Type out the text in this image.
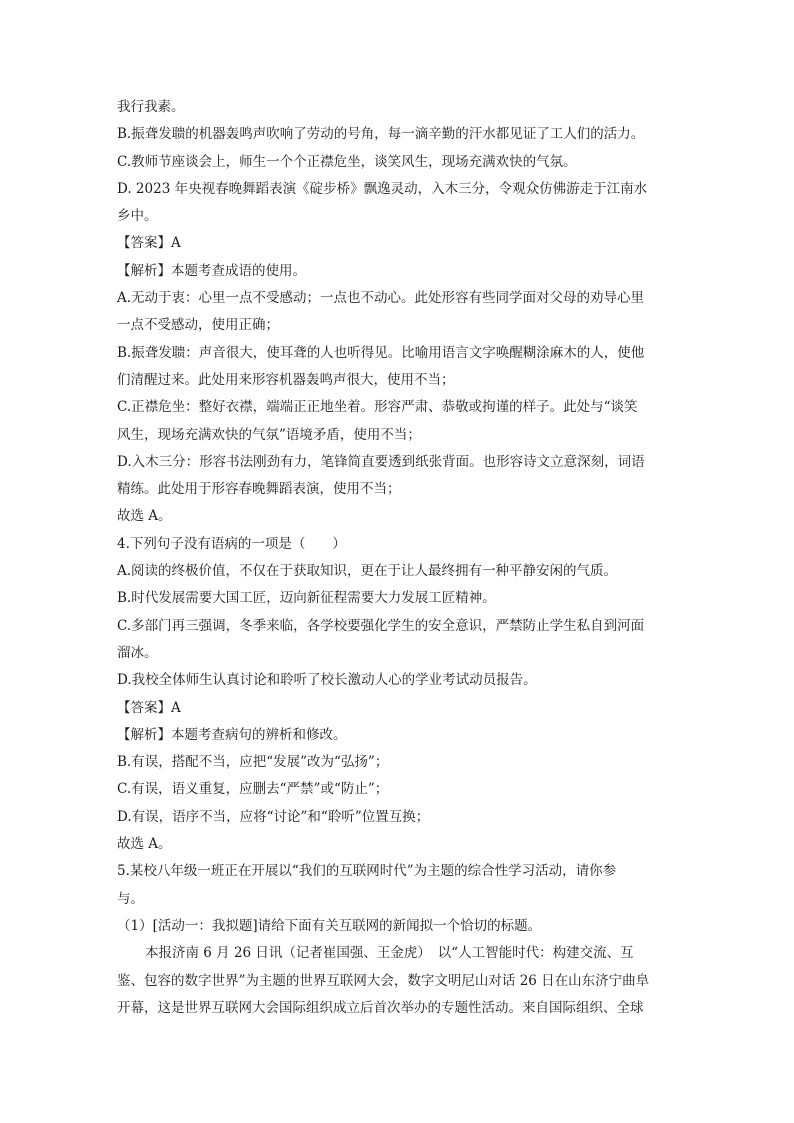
我行我素。
B.振聋发聩的机器轰鸣声吹响了劳动的号角，每一滴辛勤的汗水都见证了工人们的活力。
C.教师节座谈会上，师生一个个正襟危坐，谈笑风生，现场充满欢快的气氛。
D. 2023 年央视春晚舞蹈表演《碇步桥》飘逸灵动，入木三分，令观众仿佛游走于江南水
乡中。
【答案】A
【解析】本题考查成语的使用。
A.无动于衷：心里一点不受感动；一点也不动心。此处形容有些同学面对父母的劝导心里
一点不受感动，使用正确；
B.振聋发聩：声音很大，使耳聋的人也听得见。比喻用语言文字唤醒糊涂麻木的人，使他
们清醒过来。此处用来形容机器轰鸣声很大，使用不当；
C.正襟危坐：整好衣襟，端端正正地坐着。形容严肃、恭敬或拘谨的样子。此处与“谈笑
风生，现场充满欢快的气氛”语境矛盾，使用不当；
D.入木三分：形容书法刚劲有力，笔锋简直要透到纸张背面。也形容诗文立意深刻，词语
精练。此处用于形容春晚舞蹈表演，使用不当；
故选 A。
4.下列句子没有语病的一项是（　　）
A.阅读的终极价值，不仅在于获取知识，更在于让人最终拥有一种平静安闲的气质。
B.时代发展需要大国工匠，迈向新征程需要大力发展工匠精神。
C.多部门再三强调，冬季来临，各学校要强化学生的安全意识，严禁防止学生私自到河面
溜冰。
D.我校全体师生认真讨论和聆听了校长激动人心的学业考试动员报告。
【答案】A
【解析】本题考查病句的辨析和修改。
B.有误，搭配不当，应把“发展”改为“弘扬”；
C.有误，语义重复，应删去“严禁”或“防止”；
D.有误，语序不当，应将“讨论”和“聆听”位置互换；
故选 A。
5.某校八年级一班正在开展以“我们的互联网时代”为主题的综合性学习活动，请你参
与。
（1）[活动一：我拟题]请给下面有关互联网的新闻拟一个恰切的标题。
本报济南 6 月 26 日讯（记者崔国强、王金虎）　以“人工智能时代：构建交流、互
鉴、包容的数字世界”为主题的世界互联网大会，数字文明尼山对话 26 日在山东济宁曲阜
开幕，这是世界互联网大会国际组织成立后首次举办的专题性活动。来自国际组织、全球
